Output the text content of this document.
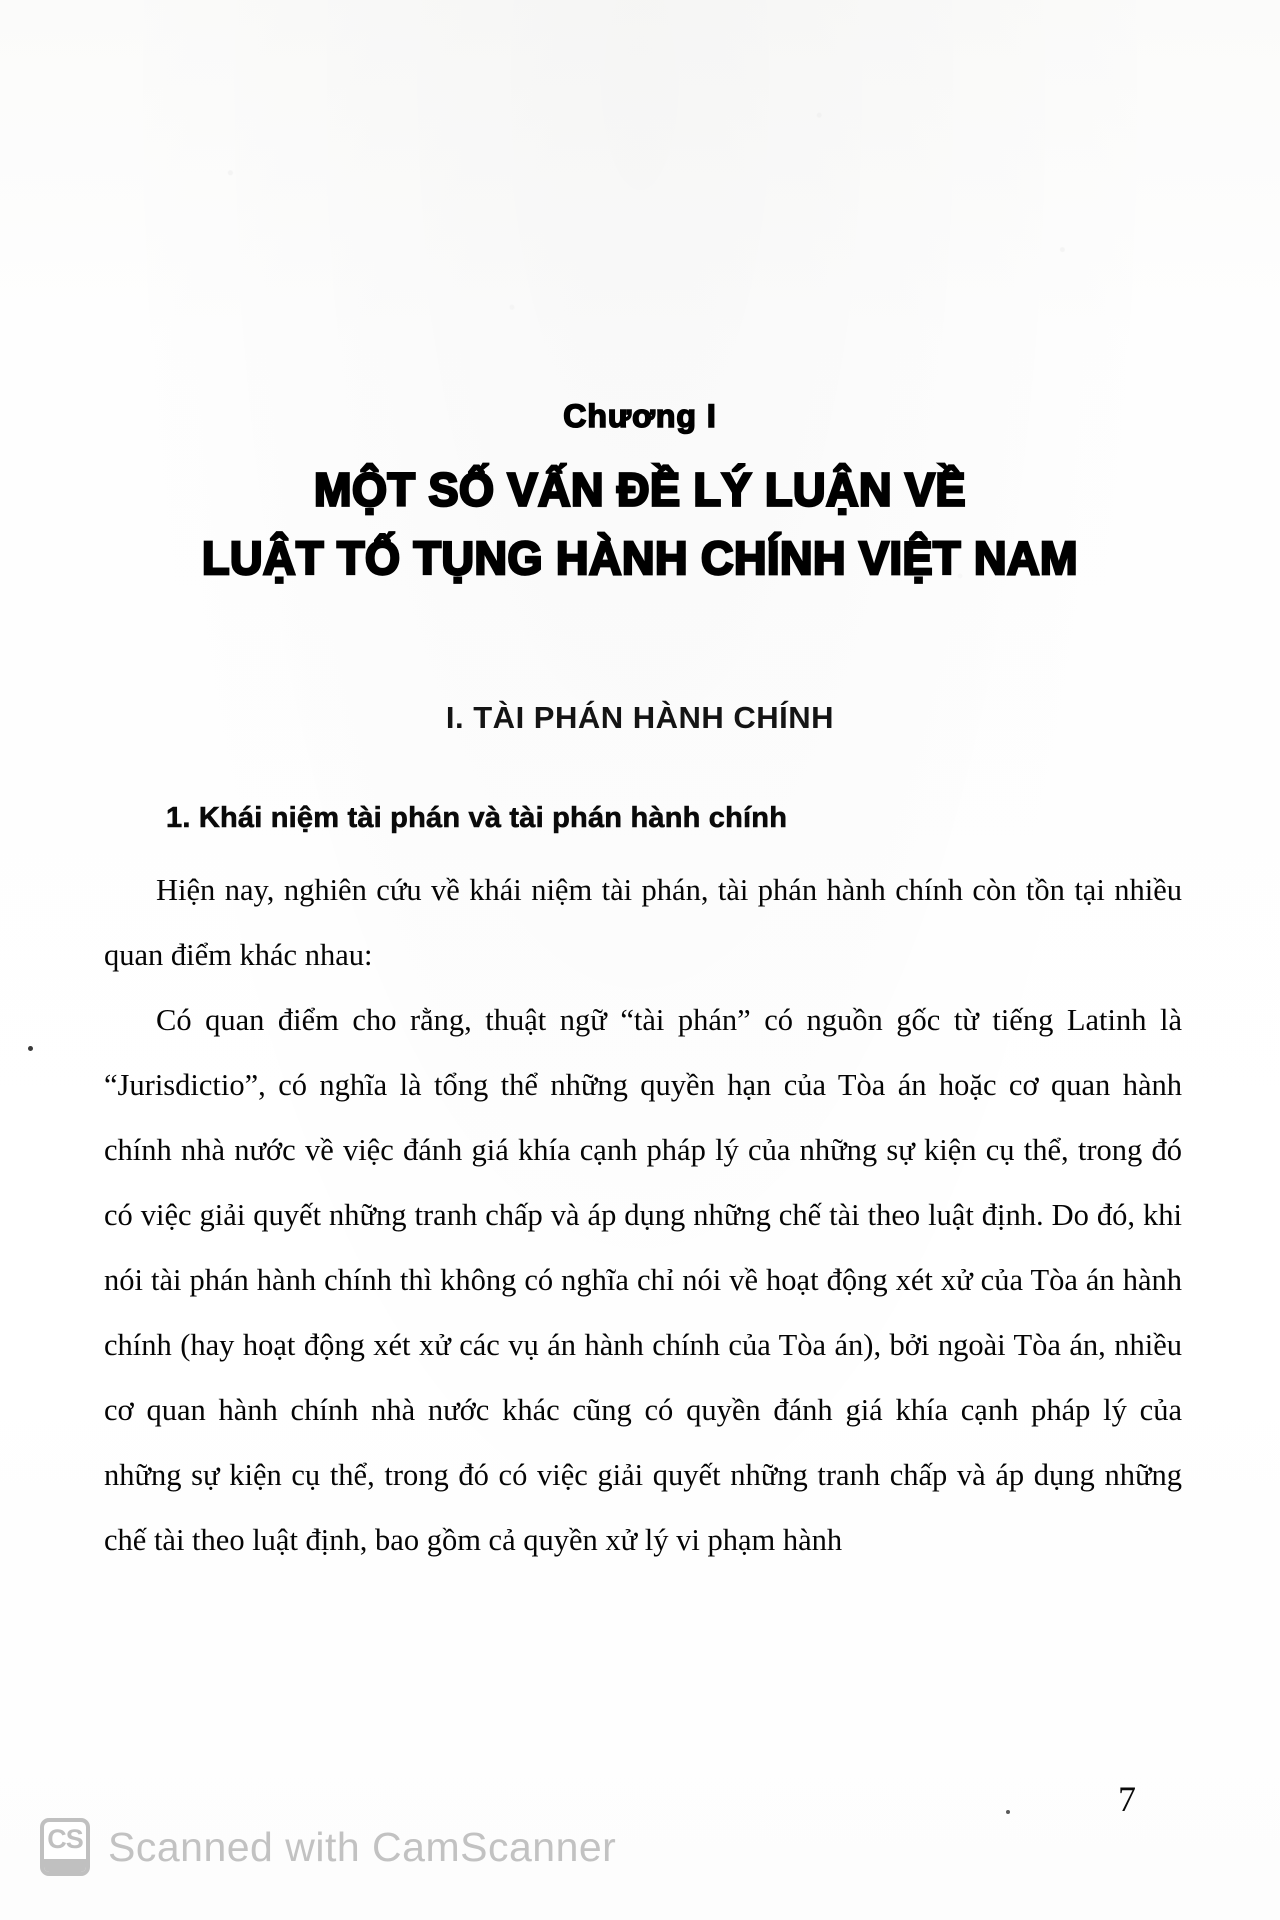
Chương I
MỘT SỐ VẤN ĐỀ LÝ LUẬN VỀ
LUẬT TỐ TỤNG HÀNH CHÍNH VIỆT NAM
I. TÀI PHÁN HÀNH CHÍNH
1. Khái niệm tài phán và tài phán hành chính

Hiện nay, nghiên cứu về khái niệm tài phán, tài phán hành chính còn tồn tại nhiều quan điểm khác nhau:

Có quan điểm cho rằng, thuật ngữ “tài phán” có nguồn gốc từ tiếng Latinh là “Jurisdictio”, có nghĩa là tổng thể những quyền hạn của Tòa án hoặc cơ quan hành chính nhà nước về việc đánh giá khía cạnh pháp lý của những sự kiện cụ thể, trong đó có việc giải quyết những tranh chấp và áp dụng những chế tài theo luật định. Do đó, khi nói tài phán hành chính thì không có nghĩa chỉ nói về hoạt động xét xử của Tòa án hành chính (hay hoạt động xét xử các vụ án hành chính của Tòa án), bởi ngoài Tòa án, nhiều cơ quan hành chính nhà nước khác cũng có quyền đánh giá khía cạnh pháp lý của những sự kiện cụ thể, trong đó có việc giải quyết những tranh chấp và áp dụng những chế tài theo luật định, bao gồm cả quyền xử lý vi phạm hành

7
CS Scanned with CamScanner
